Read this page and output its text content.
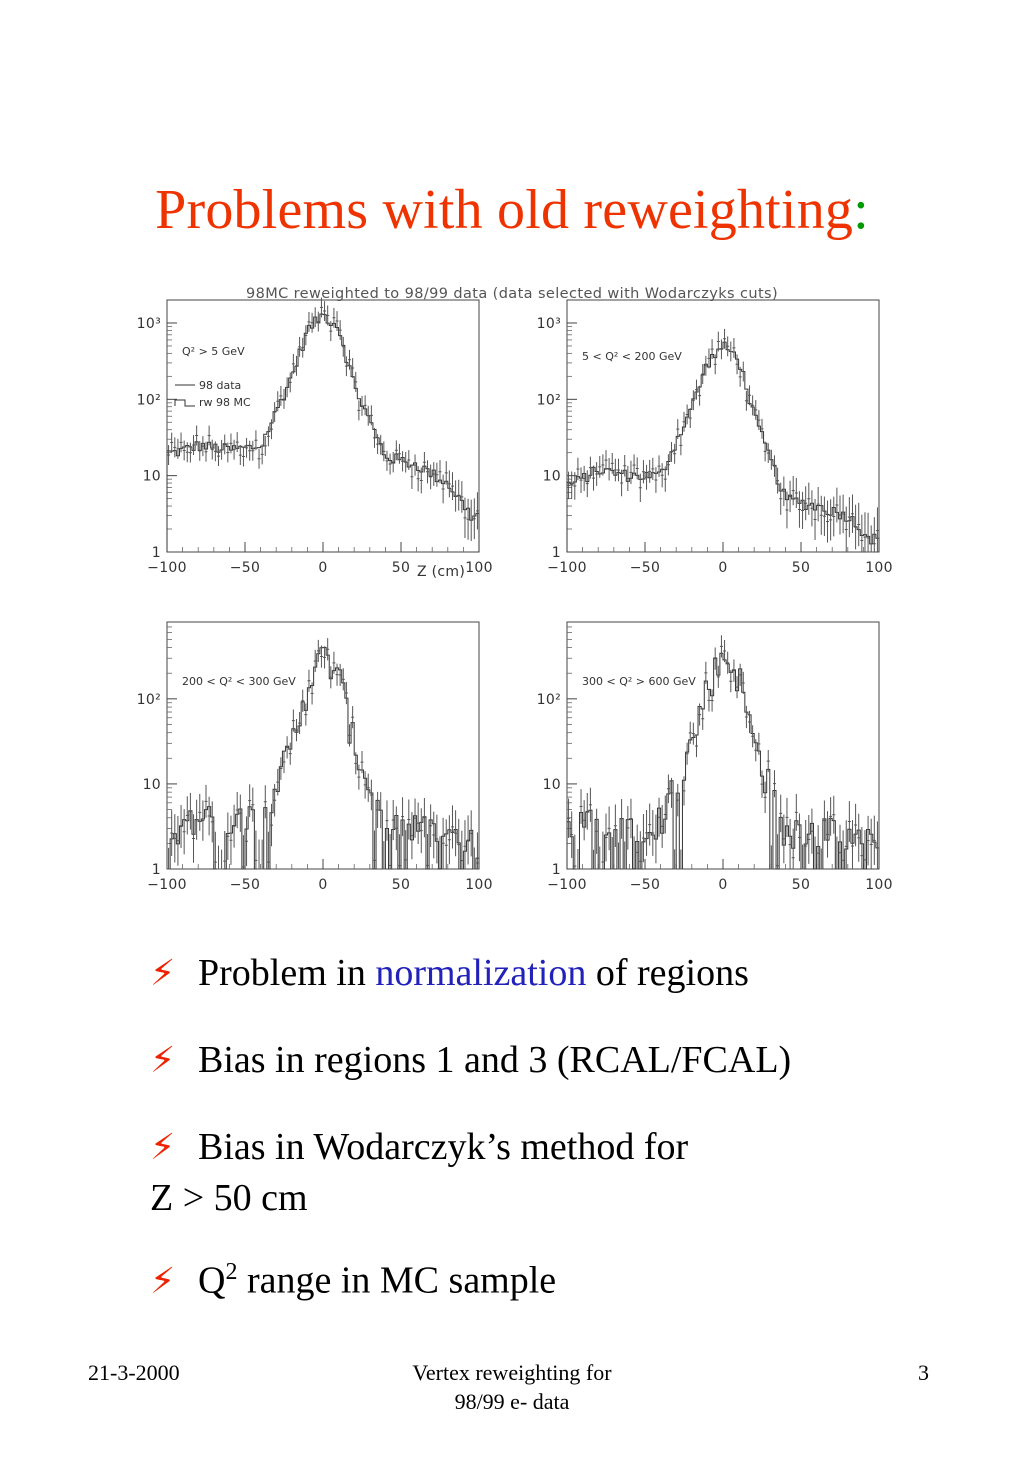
Problems with old reweighting:
98MC reweighted to 98/99 data (data selected with Wodarczyks cuts)
1
10
10²
10³
−100	−50	0	50	100
Q² > 5 GeV
98 data
rw 98 MC
Z (cm)
1
10
10²
10³
−100	−50	0	50	100
5 < Q² < 200 GeV
1
10
10²
−100	−50	0	50	100
200 < Q² < 300 GeV
1
10
10²
−100	−50	0	50	100
300 < Q² > 600 GeV
⚡ Problem in normalization of regions
⚡ Bias in regions 1 and 3 (RCAL/FCAL)
⚡ Bias in Wodarczyk’s method for
Z > 50 cm
⚡ $Q^2$ range in MC sample
21-3-2000	Vertex reweighting for
98/99 e- data
3
